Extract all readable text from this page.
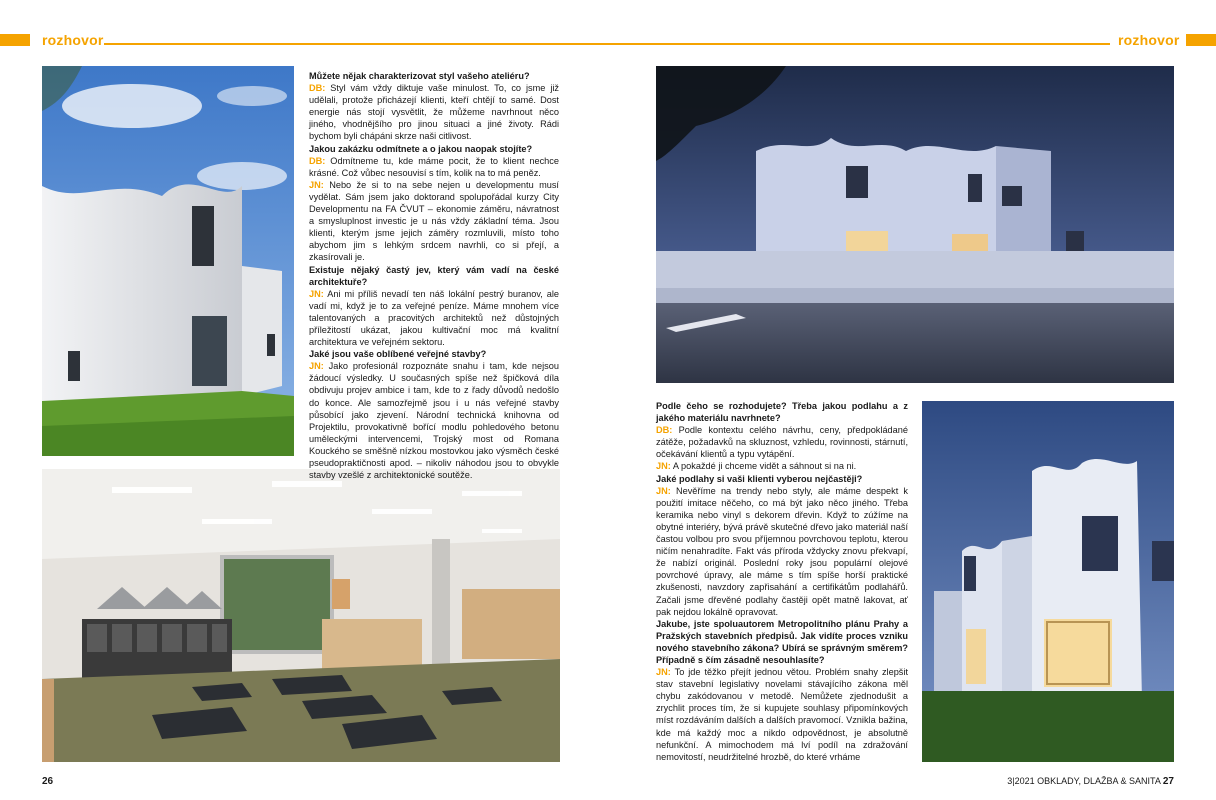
rozhovor	rozhovor

Můžete nějak charakterizovat styl vašeho ateliéru?

DB: Styl vám vždy diktuje vaše minulost. To, co jsme již udělali, protože přicházejí klienti, kteří chtějí to samé. Dost energie nás stojí vysvětlit, že můžeme navrhnout něco jiného, vhodnějšího pro jinou situaci a jiné životy. Rádi bychom byli chápáni skrze naši citlivost.

Jakou zakázku odmítnete a o jakou naopak stojíte?

DB: Odmítneme tu, kde máme pocit, že to klient nechce krásné. Což vůbec nesouvisí s tím, kolik na to má peněz.

JN: Nebo že si to na sebe nejen u developmentu musí vydělat. Sám jsem jako doktorand spolupořádal kurzy City Developmentu na FA ČVUT – ekonomie záměru, návratnost a smysluplnost investic je u nás vždy základní téma. Jsou klienti, kterým jsme jejich záměry rozmluvili, místo toho abychom jim s lehkým srdcem navrhli, co si přejí, a zkasírovali je.

Existuje nějaký častý jev, který vám vadí na české architektuře?

JN: Ani mi příliš nevadí ten náš lokální pestrý buranov, ale vadí mi, když je to za veřejné peníze. Máme mnohem více talentovaných a pracovitých architektů než důstojných příležitostí ukázat, jakou kultivační moc má kvalitní architektura ve veřejném sektoru.

Jaké jsou vaše oblíbené veřejné stavby?

JN: Jako profesionál rozpoznáte snahu i tam, kde nejsou žádoucí výsledky. U současných spíše než špičková díla obdivuju projev ambice i tam, kde to z řady důvodů nedošlo do konce. Ale samozřejmě jsou i u nás veřejné stavby působící jako zjevení. Národní technická knihovna od Projektilu, provokativně bořící modlu pohledového betonu uměleckými intervencemi, Trojský most od Romana Kouckého se směšně nízkou mostovkou jako výsměch české pseudopraktičnosti apod. – nikoliv náhodou jsou to obvykle stavby vzešlé z architektonické soutěže.

Podle čeho se rozhodujete? Třeba jakou podlahu a z jakého materiálu navrhnete?

DB: Podle kontextu celého návrhu, ceny, předpokládané zátěže, požadavků na skluznost, vzhledu, rovinnosti, stárnutí, očekávání klientů a typu vytápění.

JN: A pokaždé ji chceme vidět a sáhnout si na ni.

Jaké podlahy si vaši klienti vyberou nejčastěji?

JN: Nevěříme na trendy nebo styly, ale máme despekt k použití imitace něčeho, co má být jako něco jiného. Třeba keramika nebo vinyl s dekorem dřevin. Když to zúžíme na obytné interiéry, bývá právě skutečné dřevo jako materiál naší častou volbou pro svou příjemnou povrchovou teplotu, kterou ničím nenahradíte. Fakt vás příroda vždycky znovu překvapí, že nabízí originál. Poslední roky jsou populární olejové povrchové úpravy, ale máme s tím spíše horší praktické zkušenosti, navzdory zapřisahání a certifikátům podlahářů. Začali jsme dřevěné podlahy častěji opět matně lakovat, ať pak nejdou lokálně opravovat.

Jakube, jste spoluautorem Metropolitního plánu Prahy a Pražských stavebních předpisů. Jak vidíte proces vzniku nového stavebního zákona? Ubírá se správným směrem? Případně s čím zásadně nesouhlasíte?

JN: To jde těžko přejít jednou větou. Problém snahy zlepšit stav stavební legislativy novelami stávajícího zákona měl chybu zakódovanou v metodě. Nemůžete zjednodušit a zrychlit proces tím, že si kupujete souhlasy připomínkových míst rozdáváním dalších a dalších pravomocí. Vznikla bažina, kde má každý moc a nikdo odpovědnost, je absolutně nefunkční. A mimochodem má lví podíl na zdražování nemovitostí, neudržitelné hrozbě, do které vrháme

26	3|2021 OBKLADY, DLAŽBA & SANITA 27
